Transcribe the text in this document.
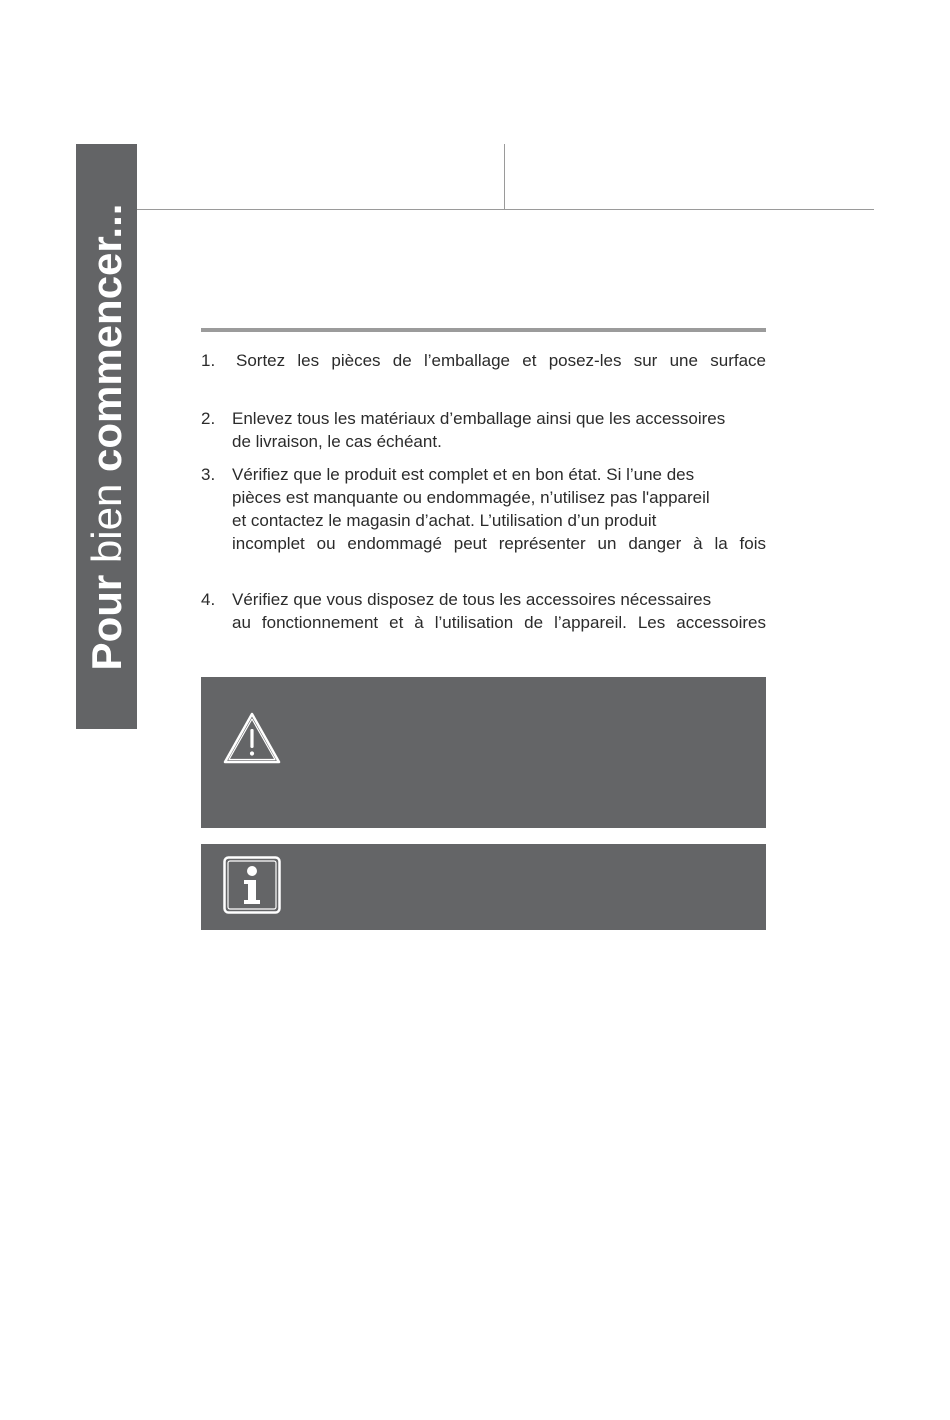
Pour bien commencer...	1.	Sortez les pièces de l’emballage et posez-les sur une surface
2. Enlevez tous les matériaux d’emballage ainsi que les accessoires
de livraison, le cas échéant.
3. Vérifiez que le produit est complet et en bon état. Si l’une des
pièces est manquante ou endommagée, n’utilisez pas l'appareil
et contactez le magasin d’achat. L’utilisation d’un produit
incomplet ou endommagé peut représenter un danger à la fois
4. Vérifiez que vous disposez de tous les accessoires nécessaires
au fonctionnement et à l’utilisation de l’appareil. Les accessoires
